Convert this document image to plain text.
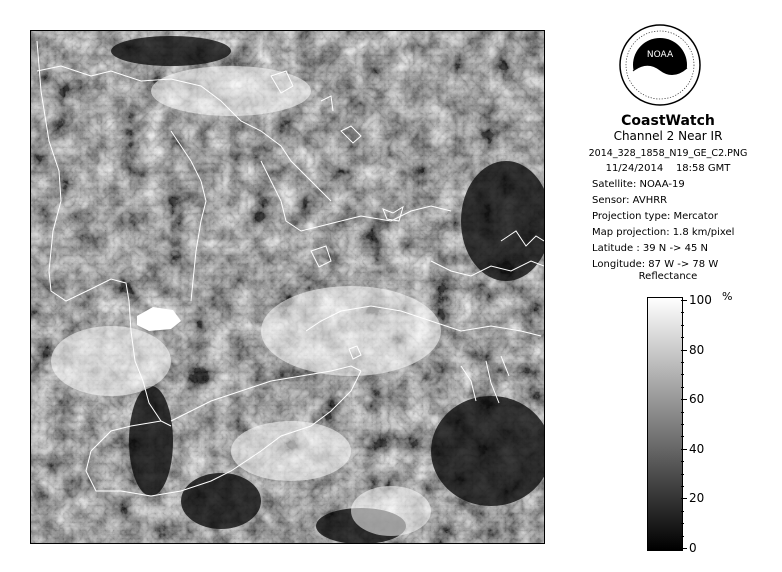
NOAA
CoastWatch
Channel 2 Near IR
2014_328_1858_N19_GE_C2.PNG
11/24/2014 18:58 GMT
Satellite: NOAA-19
Sensor: AVHRR
Projection type: Mercator
Map projection: 1.8 km/pixel
Latitude : 39 N -> 45 N
Longitude: 87 W -> 78 W
Reflectance
%
100
80
60
40
20
0
